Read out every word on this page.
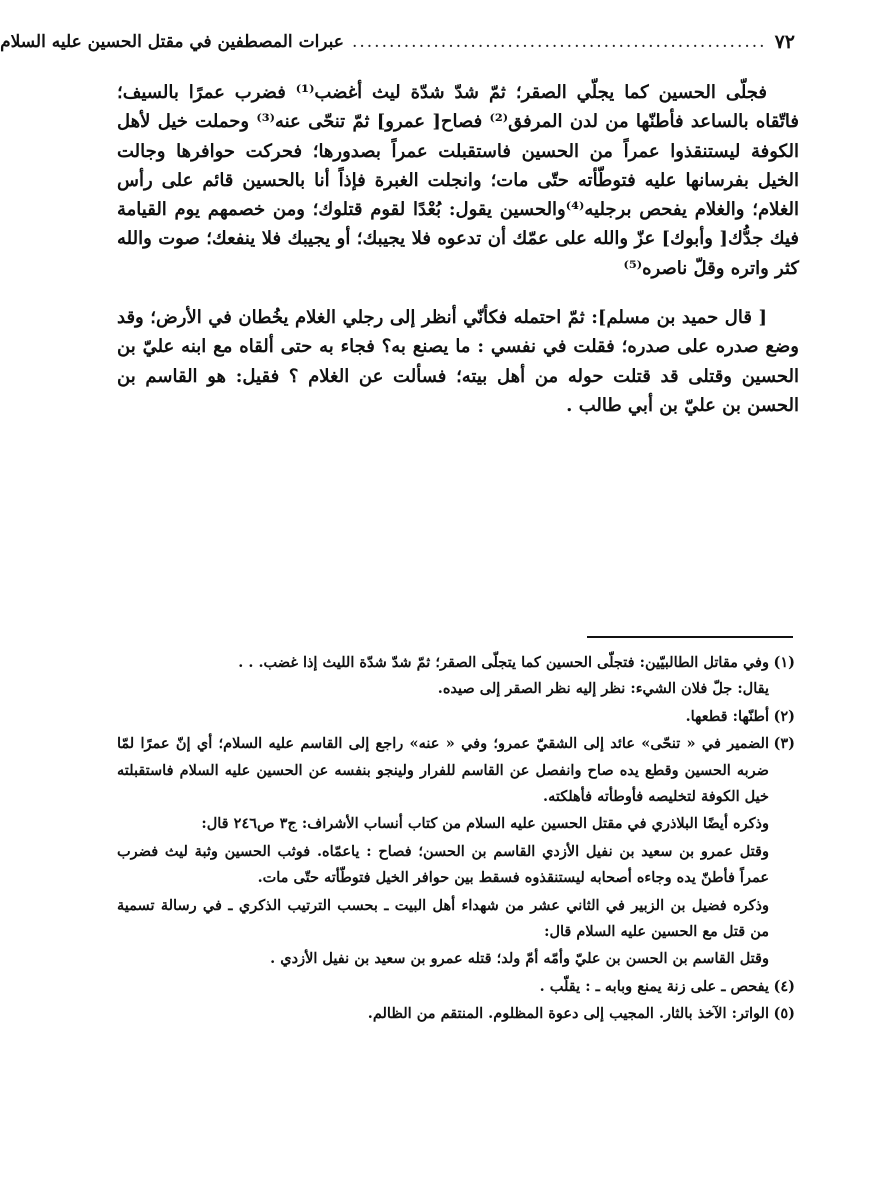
٧٢
........................................................
عبرات المصطفين في مقتل الحسين عليه السلام

فجلّى الحسين كما يجلّي الصقر؛ ثمّ شدّ شدّة ليث أغضب⁽¹⁾ فضرب عمرًا بالسيف؛ فاتّقاه بالساعد فأطنّها من لدن المرفق⁽²⁾ فصاح[ عمرو] ثمّ تنحّى عنه⁽³⁾ وحملت خيل لأهل الكوفة ليستنقذوا عمراً من الحسين فاستقبلت عمراً بصدورها؛ فحركت حوافرها وجالت الخيل بفرسانها عليه فتوطّأته حتّى مات؛ وانجلت الغبرة فإذاً أنا بالحسين قائم على رأس الغلام؛ والغلام يفحص برجليه⁽⁴⁾والحسين يقول: بُعْدًا لقوم قتلوك؛ ومن خصمهم يوم القيامة فيك جدُّك[ وأبوك] عزّ والله على عمّك أن تدعوه فلا يجيبك؛ أو يجيبك فلا ينفعك؛ صوت والله كثر واتره وقلّ ناصره⁽⁵⁾

[ قال حميد بن مسلم]: ثمّ احتمله فكأنّي أنظر إلى رجلي الغلام يخُطان في الأرض؛ وقد وضع صدره على صدره؛ فقلت في نفسي : ما يصنع به؟ فجاء به حتى ألقاه مع ابنه عليّ بن الحسين وقتلى قد قتلت حوله من أهل بيته؛ فسألت عن الغلام ؟ فقيل: هو القاسم بن الحسن بن عليّ بن أبي طالب .

(١)
وفي مقاتل الطالبيّين: فتجلّى الحسين كما يتجلّى الصقر؛ ثمّ شدّ شدّة الليث إذا غضب. . .
يقال: جلّ فلان الشيء: نظر إليه نظر الصقر إلى صيده.
(٢)
أطنّها: قطعها.
(٣)
الضمير في « تنحّى» عائد إلى الشقيّ عمرو؛ وفي « عنه» راجع إلى القاسم عليه السلام؛ أي إنّ عمرًا لمّا ضربه الحسين وقطع يده صاح وانفصل عن القاسم للفرار ولينجو بنفسه عن الحسين عليه السلام فاستقبلته خيل الكوفة لتخليصه فأوطأته فأهلكته.
وذكره أيضًا البلاذري في مقتل الحسين عليه السلام من كتاب أنساب الأشراف: ج٣ ص٢٤٦ قال:
وقتل عمرو بن سعيد بن نفيل الأزدي القاسم بن الحسن؛ فصاح : ياعمّاه. فوثب الحسين وثبة ليث فضرب عمراً فأطنّ يده وجاءه أصحابه ليستنقذوه فسقط بين حوافر الخيل فتوطّأته حتّى مات.
وذكره فضيل بن الزبير في الثاني عشر من شهداء أهل البيت ـ بحسب الترتيب الذكري ـ في رسالة تسمية من قتل مع الحسين عليه السلام قال:
وقتل القاسم بن الحسن بن عليّ وأمّه أمّ ولد؛ قتله عمرو بن سعيد بن نفيل الأزدي .
(٤)
يفحص ـ على زنة يمنع وبابه ـ : يقلّب .
(٥)
الواتر: الآخذ بالثار. المجيب إلى دعوة المظلوم. المنتقم من الظالم.
